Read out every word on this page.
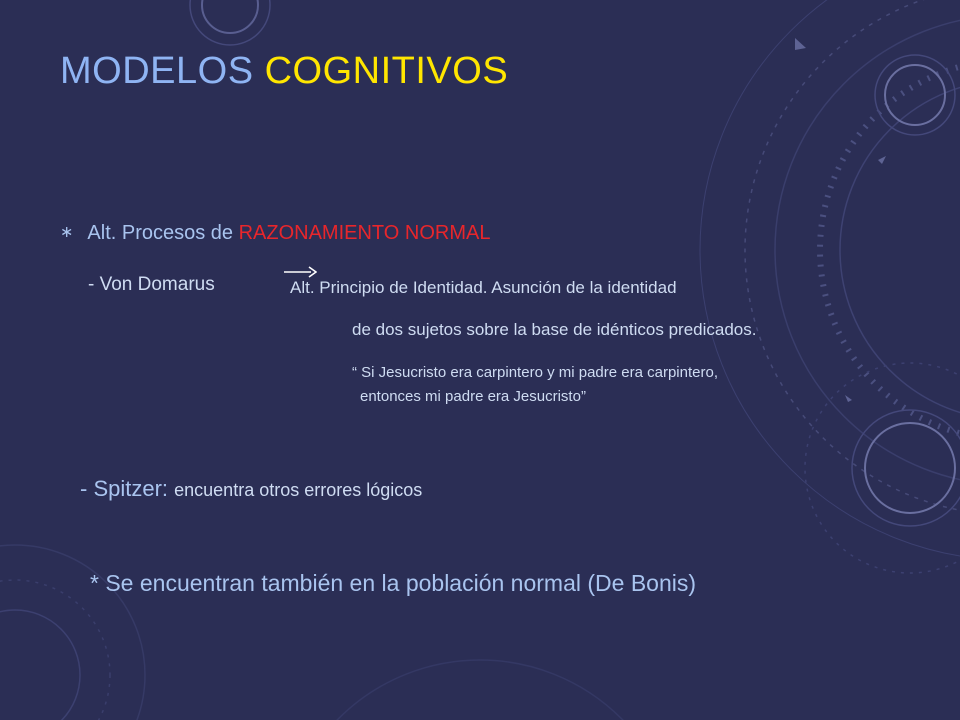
MODELOS COGNITIVOS

∗ Alt. Procesos de RAZONAMIENTO NORMAL

- Von Domarus	Alt. Principio de Identidad. Asunción de la identidad

de dos sujetos sobre la base de idénticos predicados.

“ Si Jesucristo era carpintero y mi padre era carpintero,

entonces mi padre era Jesucristo”

- Spitzer: encuentra otros errores lógicos

* Se encuentran también en la población normal (De Bonis)
